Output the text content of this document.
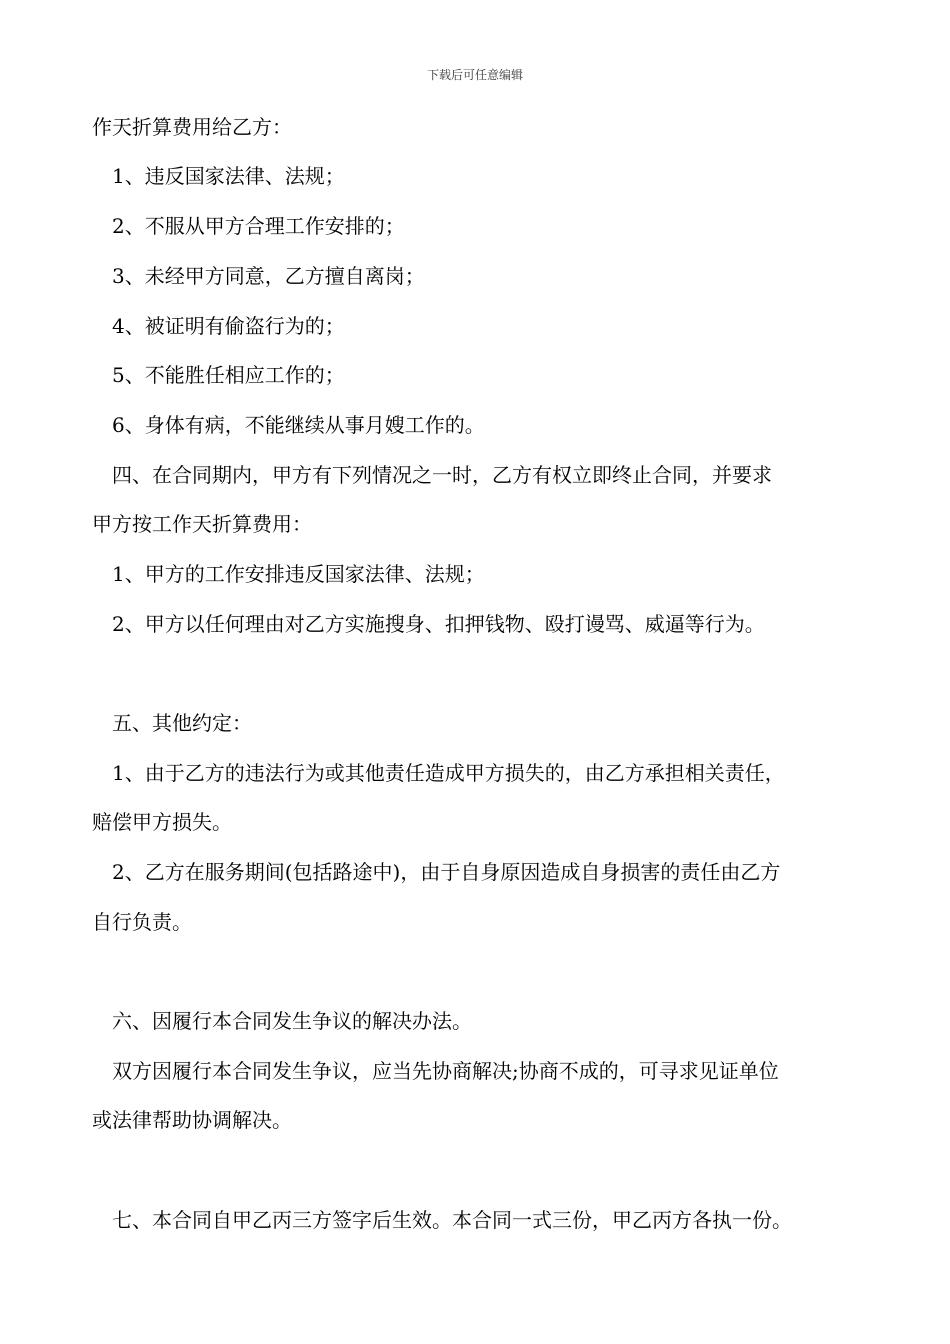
下载后可任意编辑
作天折算费用给乙方：
1、违反国家法律、法规；
2、不服从甲方合理工作安排的；
3、未经甲方同意，乙方擅自离岗；
4、被证明有偷盗行为的；
5、不能胜任相应工作的；
6、身体有病，不能继续从事月嫂工作的。
四、在合同期内，甲方有下列情况之一时，乙方有权立即终止合同，并要求
甲方按工作天折算费用：
1、甲方的工作安排违反国家法律、法规；
2、甲方以任何理由对乙方实施搜身、扣押钱物、殴打谩骂、威逼等行为。
五、其他约定：
1、由于乙方的违法行为或其他责任造成甲方损失的，由乙方承担相关责任，
赔偿甲方损失。
2、乙方在服务期间(包括路途中)，由于自身原因造成自身损害的责任由乙方
自行负责。
六、因履行本合同发生争议的解决办法。
双方因履行本合同发生争议，应当先协商解决;协商不成的，可寻求见证单位
或法律帮助协调解决。
七、本合同自甲乙丙三方签字后生效。本合同一式三份，甲乙丙方各执一份。
